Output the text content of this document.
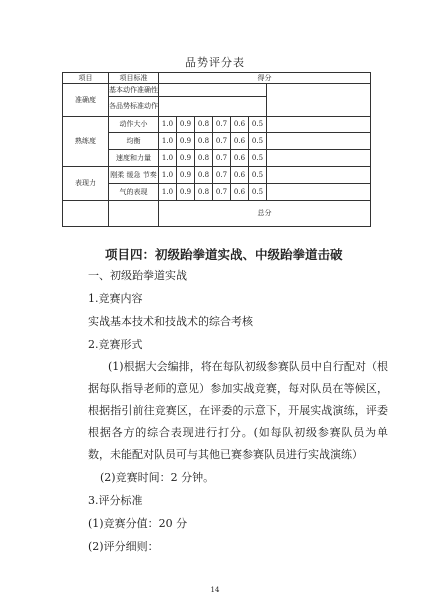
品势评分表
项目	项目标准	得分						
准确度	基本动作准确性							
	各品势标准动作							
熟练度	动作大小	1.0	0.9	0.8	0.7	0.6	0.5	
	均衡	1.0	0.9	0.8	0.7	0.6	0.5	
	速度和力量	1.0	0.9	0.8	0.7	0.6	0.5	
表现力	刚柔 缓急 节奏	1.0	0.9	0.8	0.7	0.6	0.5	
	气的表现	1.0	0.9	0.8	0.7	0.6	0.5	
		总分						
项目四：初级跆拳道实战、中级跆拳道击破
一、初级跆拳道实战
1.竞赛内容
实战基本技术和技战术的综合考核
2.竞赛形式
(1)根据大会编排，将在每队初级参赛队员中自行配对（根据每队指导老师的意见）参加实战竞赛，每对队员在等候区，根据指引前往竞赛区，在评委的示意下，开展实战演练，评委根据各方的综合表现进行打分。(如每队初级参赛队员为单数，未能配对队员可与其他已赛参赛队员进行实战演练）
(2)竞赛时间：2 分钟。
3.评分标准
(1)竞赛分值：20 分
(2)评分细则：
14
